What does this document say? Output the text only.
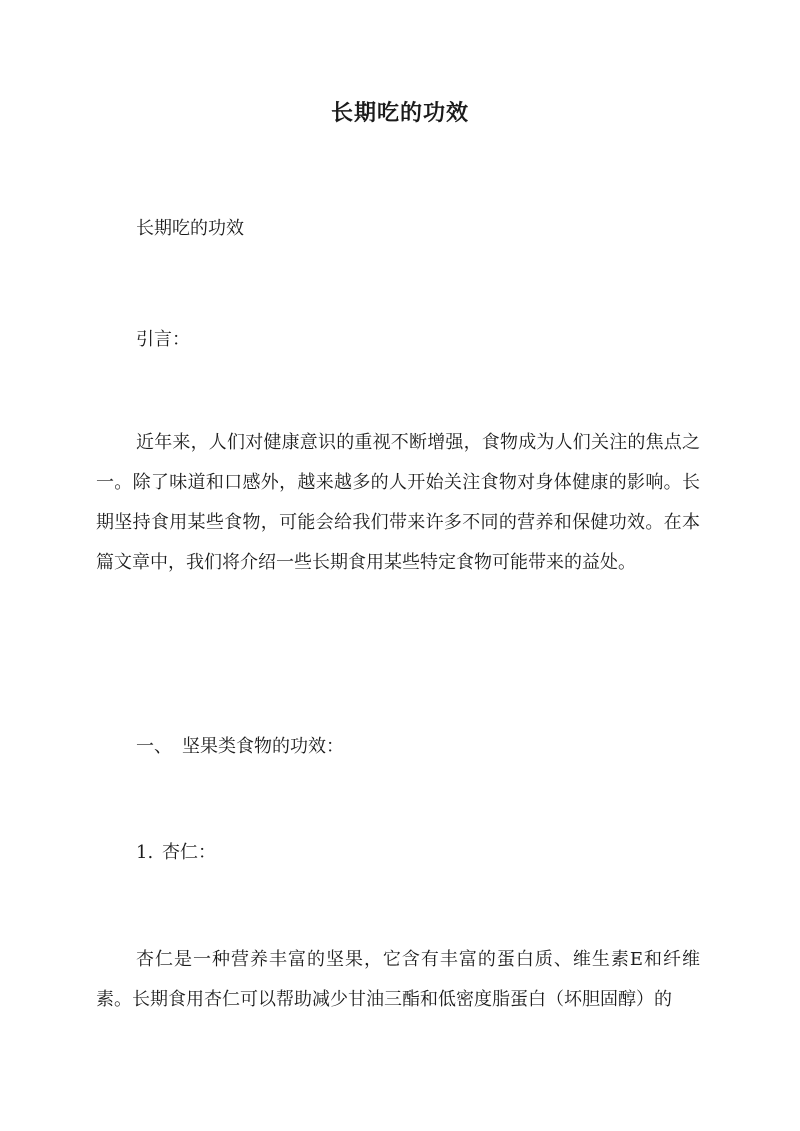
长期吃的功效
长期吃的功效
引言：
近年来，人们对健康意识的重视不断增强，食物成为人们关注的焦点之一。除了味道和口感外，越来越多的人开始关注食物对身体健康的影响。长期坚持食用某些食物，可能会给我们带来许多不同的营养和保健功效。在本篇文章中，我们将介绍一些长期食用某些特定食物可能带来的益处。
一、 坚果类食物的功效：
1. 杏仁：
杏仁是一种营养丰富的坚果，它含有丰富的蛋白质、维生素E和纤维素。长期食用杏仁可以帮助减少甘油三酯和低密度脂蛋白（坏胆固醇）的
